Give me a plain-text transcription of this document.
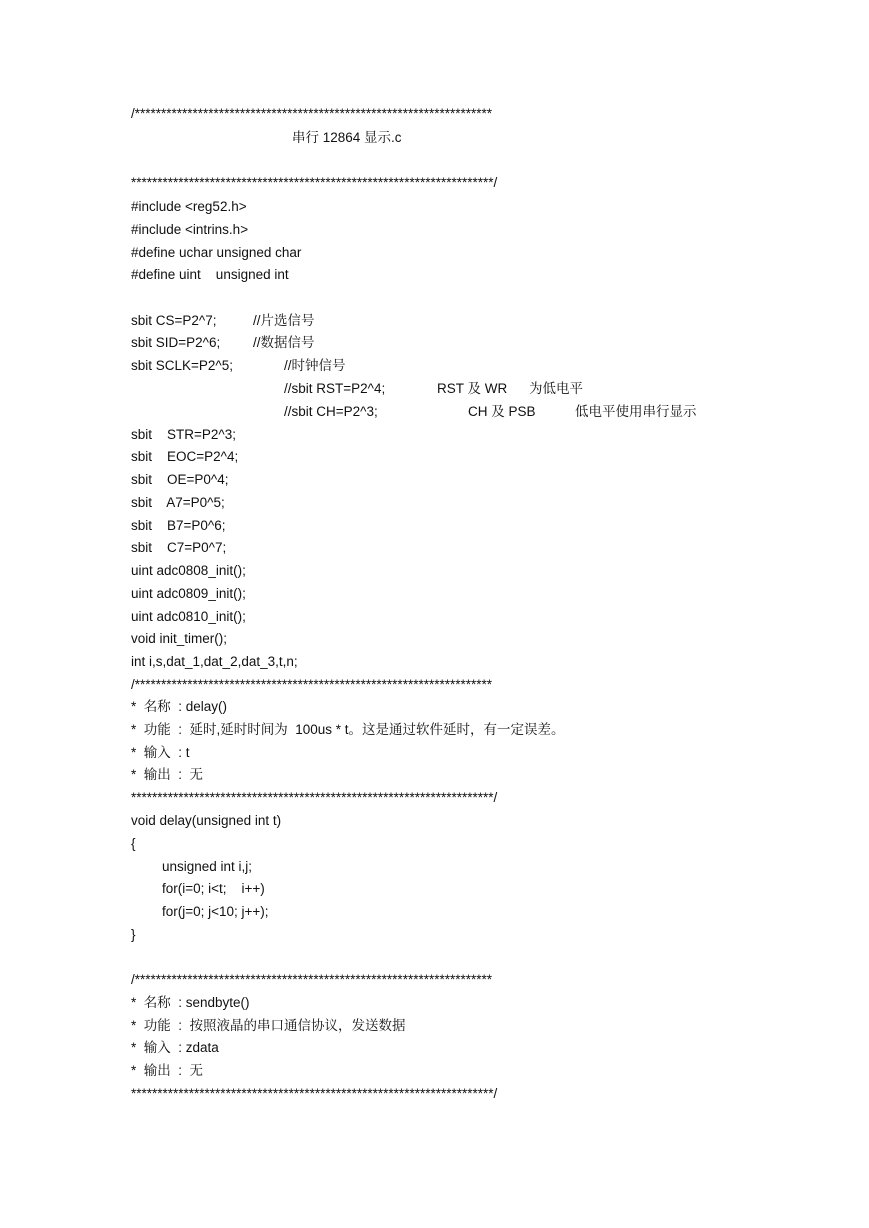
/********************************************************************
串行 12864 显示.c
*********************************************************************/
#include <reg52.h>
#include <intrins.h>
#define uchar unsigned char
#define uint    unsigned int
sbit CS=P2^7;	//片选信号
sbit SID=P2^6; //数据信号
sbit SCLK=P2^5;	//时钟信号
//sbit RST=P2^4;	RST 及 WR 为低电平
//sbit CH=P2^3;	CH 及 PSB	低电平使用串行显示
sbit    STR=P2^3;
sbit    EOC=P2^4;
sbit    OE=P0^4;
sbit    A7=P0^5;
sbit    B7=P0^6;
sbit    C7=P0^7;
uint adc0808_init();
uint adc0809_init();
uint adc0810_init();
void init_timer();
int i,s,dat_1,dat_2,dat_3,t,n;
/********************************************************************
*  名称  : delay()
*  功能  :  延时,延时时间为  100us * t。这是通过软件延时，有一定误差。
*  输入  : t
*  输出  :  无
*********************************************************************/
void delay(unsigned int t)
{
unsigned int i,j;
for(i=0; i<t;    i++)
for(j=0; j<10; j++);
}
/********************************************************************
*  名称  : sendbyte()
*  功能  :  按照液晶的串口通信协议，发送数据
*  输入  : zdata
*  输出  :  无
*********************************************************************/
